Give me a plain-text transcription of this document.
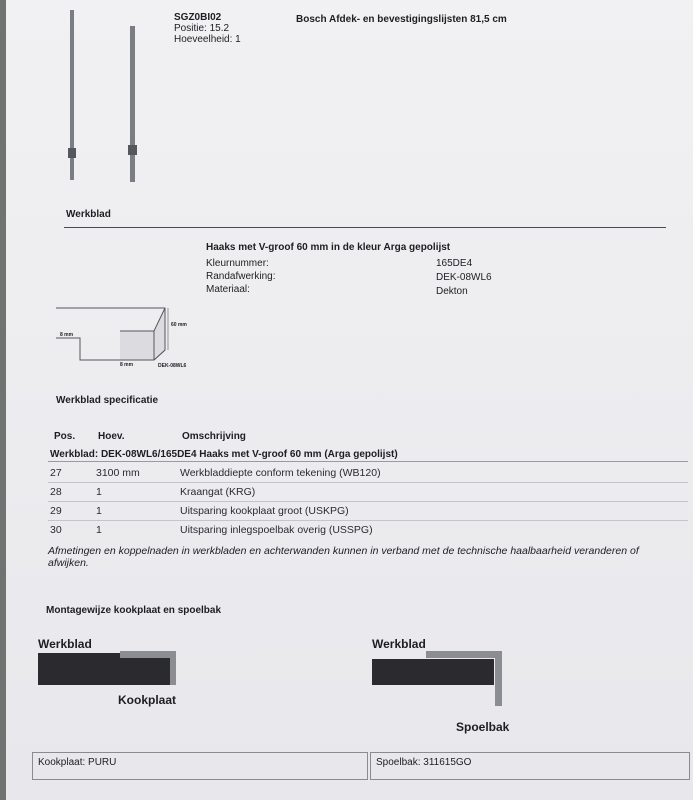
SGZ0BI02
Positie: 15.2
Hoeveelheid: 1
Bosch Afdek- en bevestigingslijsten 81,5 cm
Werkblad
Haaks met V-groof 60 mm in de kleur Arga gepolijst
Kleurnummer:	165DE4
Randafwerking:	DEK-08WL6
Materiaal:	Dekton
60 mm
8 mm
8 mm	DEK-08WL6
Werkblad specificatie
Pos. Hoev.	Omschrijving
Werkblad: DEK-08WL6/165DE4 Haaks met V-groof 60 mm (Arga gepolijst)
27	3100 mm	Werkbladdiepte conform tekening (WB120)
28	1	Kraangat (KRG)
29	1	Uitsparing kookplaat groot (USKPG)
30	1	Uitsparing inlegspoelbak overig (USSPG)
Afmetingen en koppelnaden in werkbladen en achterwanden kunnen in verband met de technische haalbaarheid veranderen of afwijken.
Montagewijze kookplaat en spoelbak
Werkblad
Kookplaat
Werkblad
Spoelbak
Kookplaat: PURU	Spoelbak: 311615GO
